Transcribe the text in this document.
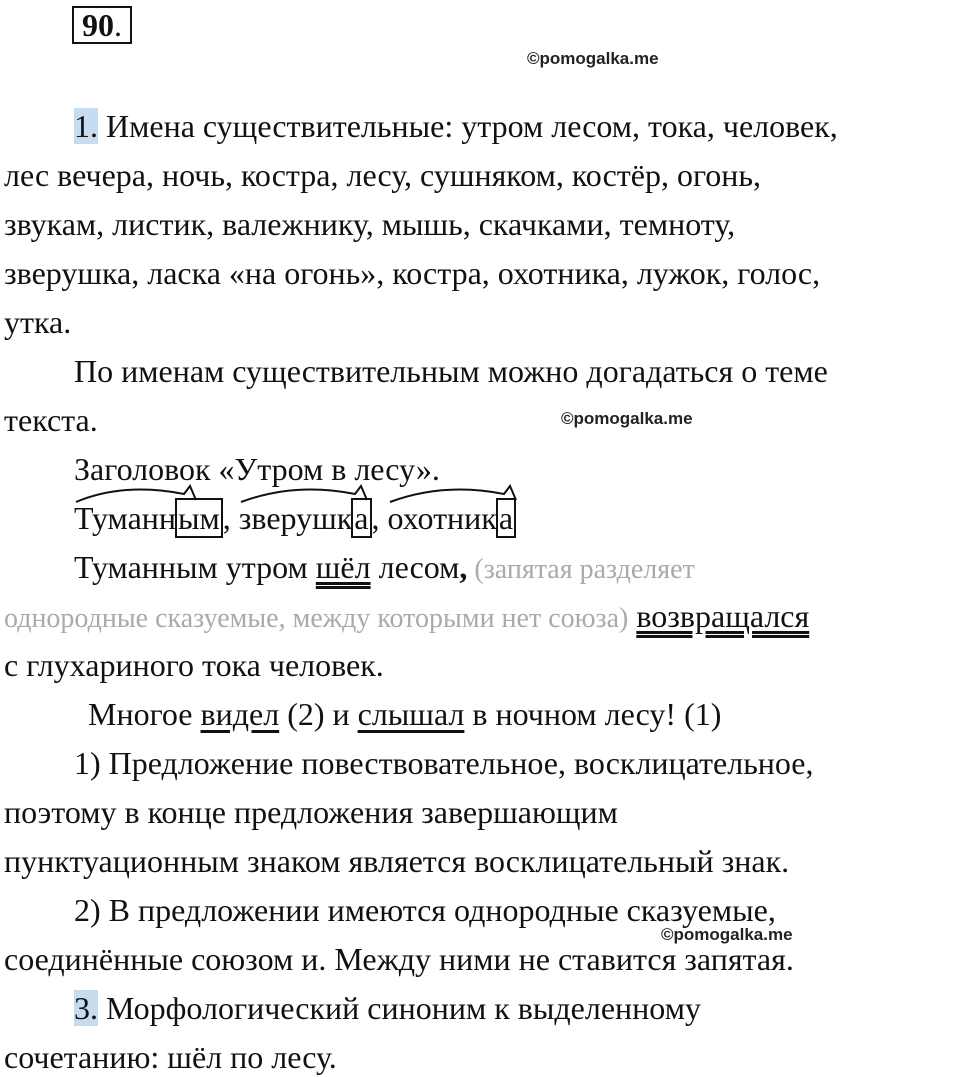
90.
©pomogalka.me
1. Имена существительные: утром лесом, тока, человек,
лес вечера, ночь, костра, лесу, сушняком, костёр, огонь,
звукам, листик, валежнику, мышь, скачками, темноту,
зверушка, ласка «на огонь», костра, охотника, лужок, голос,
утка.
По именам существительным можно догадаться о теме
текста.	©pomogalka.me
Заголовок «Утром в лесу».
Туманным, зверушка, охотника
Туманным утром шёл лесом, (запятая разделяет
однородные сказуемые, между которыми нет союза) возвращался
с глухариного тока человек.
Многое видел (2) и слышал в ночном лесу! (1)
1) Предложение повествовательное, восклицательное,
поэтому в конце предложения завершающим
пунктуационным знаком является восклицательный знак.
2) В предложении имеются однородные сказуемые,
©pomogalka.me
соединённые союзом и. Между ними не ставится запятая.
3. Морфологический синоним к выделенному
сочетанию: шёл по лесу.
